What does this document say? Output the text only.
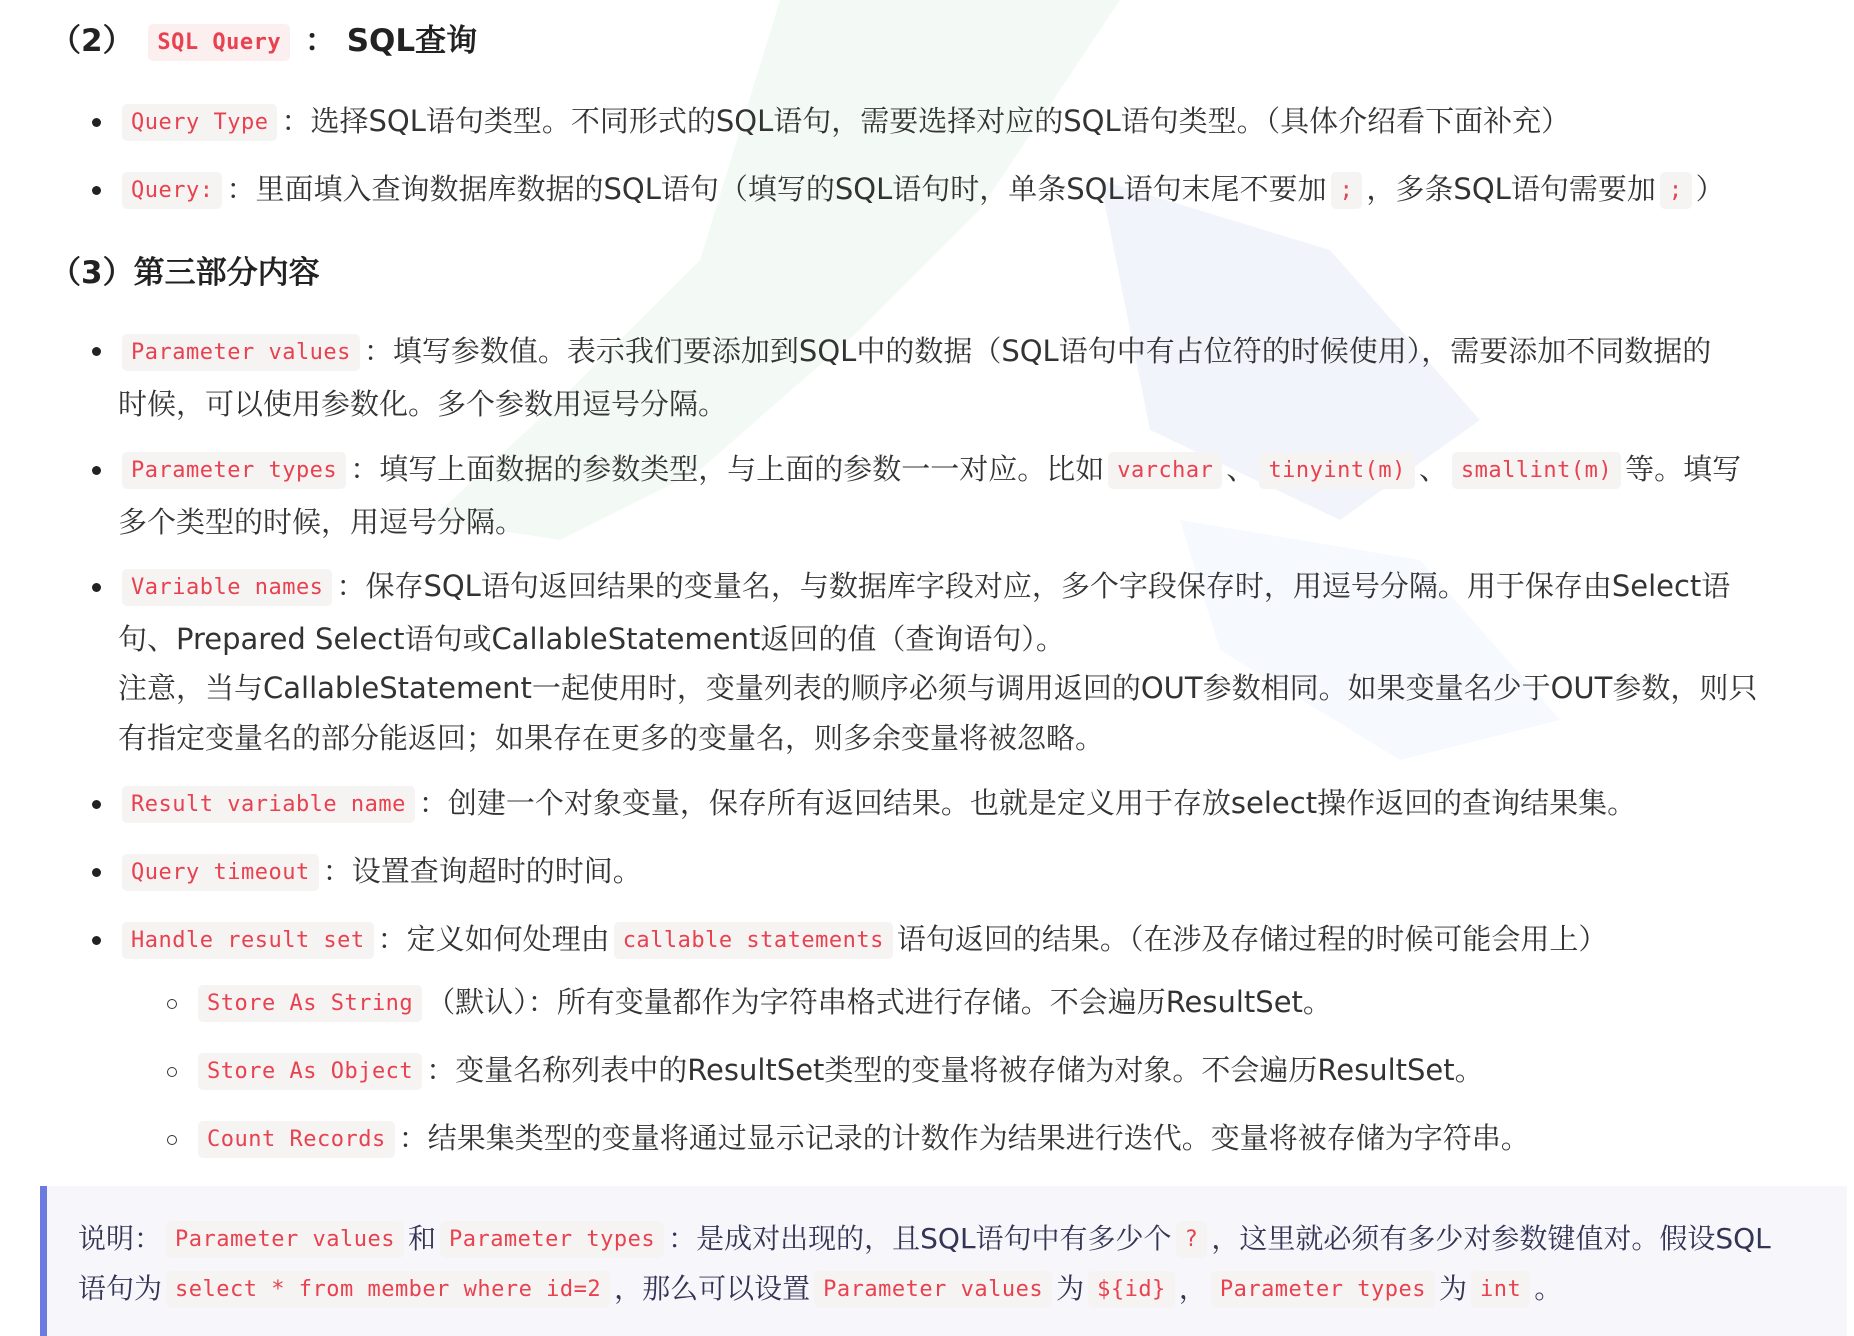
（2） SQL Query ： SQL查询
Query Type ：选择SQL语句类型。不同形式的SQL语句，需要选择对应的SQL语句类型。（具体介绍看下面补充）
Query: ：里面填入查询数据库数据的SQL语句（填写的SQL语句时，单条SQL语句末尾不要加 ; ，多条SQL语句需要加 ; ）
（3）第三部分内容
Parameter values ：填写参数值。表示我们要添加到SQL中的数据（SQL语句中有占位符的时候使用），需要添加不同数据的
时候，可以使用参数化。多个参数用逗号分隔。
Parameter types ：填写上面数据的参数类型，与上面的参数一一对应。比如 varchar 、 tinyint(m) 、 smallint(m) 等。填写
多个类型的时候，用逗号分隔。
Variable names ：保存SQL语句返回结果的变量名，与数据库字段对应，多个字段保存时，用逗号分隔。用于保存由Select语
句、Prepared Select语句或CallableStatement返回的值（查询语句）。
注意，当与CallableStatement一起使用时，变量列表的顺序必须与调用返回的OUT参数相同。如果变量名少于OUT参数，则只
有指定变量名的部分能返回；如果存在更多的变量名，则多余变量将被忽略。
Result variable name ：创建一个对象变量，保存所有返回结果。也就是定义用于存放select操作返回的查询结果集。
Query timeout ：设置查询超时的时间。
Handle result set ：定义如何处理由 callable statements 语句返回的结果。（在涉及存储过程的时候可能会用上）
Store As String （默认）：所有变量都作为字符串格式进行存储。不会遍历ResultSet。
Store As Object ：变量名称列表中的ResultSet类型的变量将被存储为对象。不会遍历ResultSet。
Count Records ：结果集类型的变量将通过显示记录的计数作为结果进行迭代。变量将被存储为字符串。
说明： Parameter values 和 Parameter types ：是成对出现的，且SQL语句中有多少个 ? ，这里就必须有多少对参数键值对。假设SQL
语句为 select * from member where id=2 ，那么可以设置 Parameter values 为 ${id} ， Parameter types 为 int 。
